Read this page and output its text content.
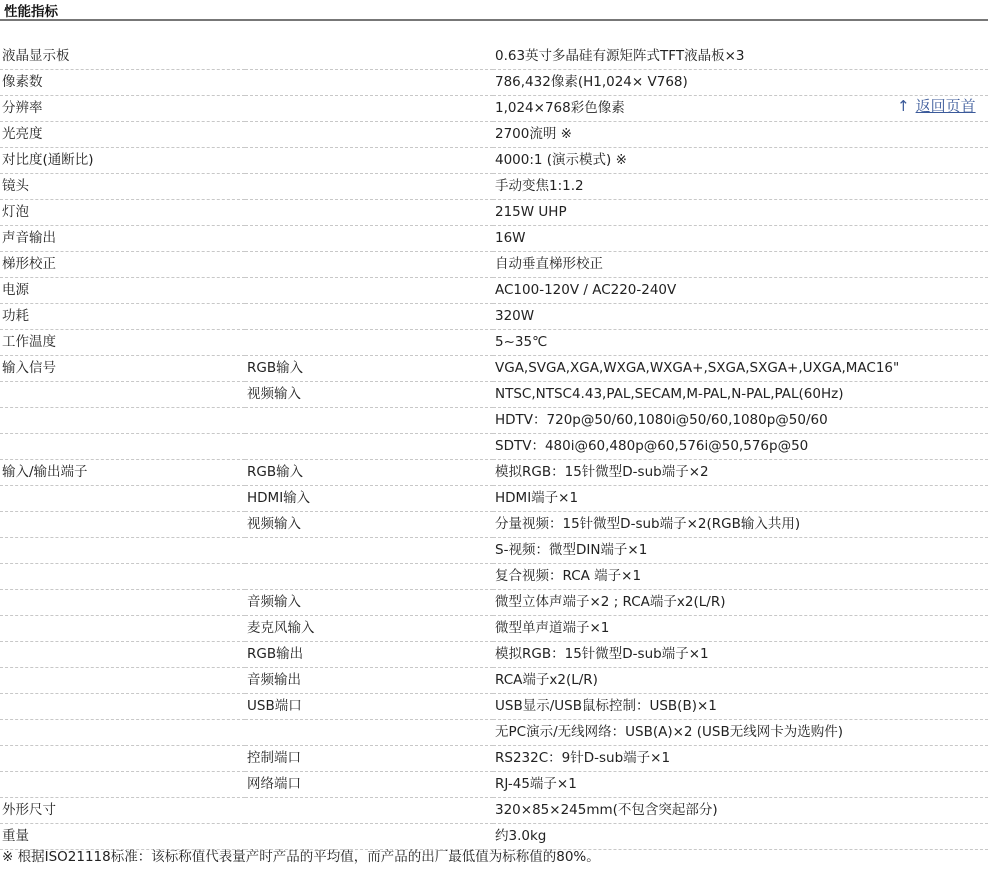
性能指标
↑ 返回页首
液晶显示板		0.63英寸多晶硅有源矩阵式TFT液晶板×3
像素数		786,432像素(H1,024× V768)
分辨率		1,024×768彩色像素
光亮度		2700流明 ※
对比度(通断比)		4000:1 (演示模式) ※
镜头		手动变焦1:1.2
灯泡		215W UHP
声音输出		16W
梯形校正		自动垂直梯形校正
电源		AC100-120V / AC220-240V
功耗		320W
工作温度		5~35℃
输入信号	RGB输入	VGA,SVGA,XGA,WXGA,WXGA+,SXGA,SXGA+,UXGA,MAC16"
	视频输入	NTSC,NTSC4.43,PAL,SECAM,M-PAL,N-PAL,PAL(60Hz)
		HDTV：720p@50/60,1080i@50/60,1080p@50/60
		SDTV：480i@60,480p@60,576i@50,576p@50
输入/输出端子	RGB输入	模拟RGB：15针微型D-sub端子×2
	HDMI输入	HDMI端子×1
	视频输入	分量视频：15针微型D-sub端子×2(RGB输入共用)
		S-视频：微型DIN端子×1
		复合视频：RCA 端子×1
	音频输入	微型立体声端子×2 ; RCA端子x2(L/R)
	麦克风输入	微型单声道端子×1
	RGB输出	模拟RGB：15针微型D-sub端子×1
	音频输出	RCA端子x2(L/R)
	USB端口	USB显示/USB鼠标控制：USB(B)×1
		无PC演示/无线网络：USB(A)×2 (USB无线网卡为选购件)
	控制端口	RS232C：9针D-sub端子×1
	网络端口	RJ-45端子×1
外形尺寸		320×85×245mm(不包含突起部分)
重量		约3.0kg
※ 根据ISO21118标准：该标称值代表量产时产品的平均值，而产品的出厂最低值为标称值的80%。
